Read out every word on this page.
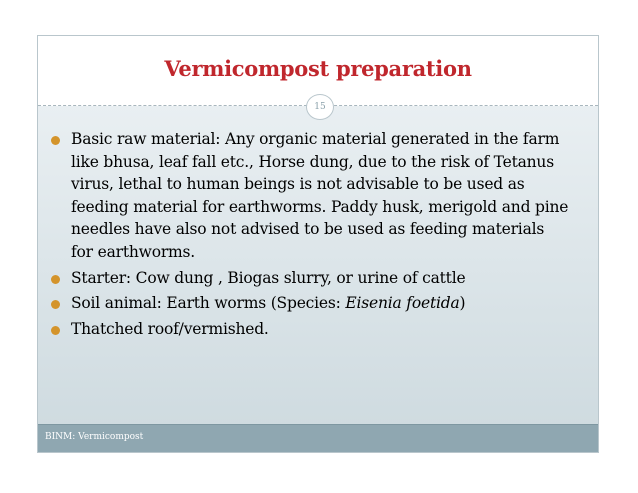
Vermicompost preparation
15
Basic raw material: Any organic material generated in the farm like bhusa, leaf fall etc., Horse dung, due to the risk of Tetanus virus, lethal to human beings is not advisable to be used as feeding material for earthworms. Paddy husk, merigold and pine needles have also not advised to be used as feeding materials for earthworms.
Starter: Cow dung , Biogas slurry, or urine of cattle
Soil animal: Earth worms (Species: Eisenia foetida)
Thatched roof/vermished.
BINM: Vermicompost
